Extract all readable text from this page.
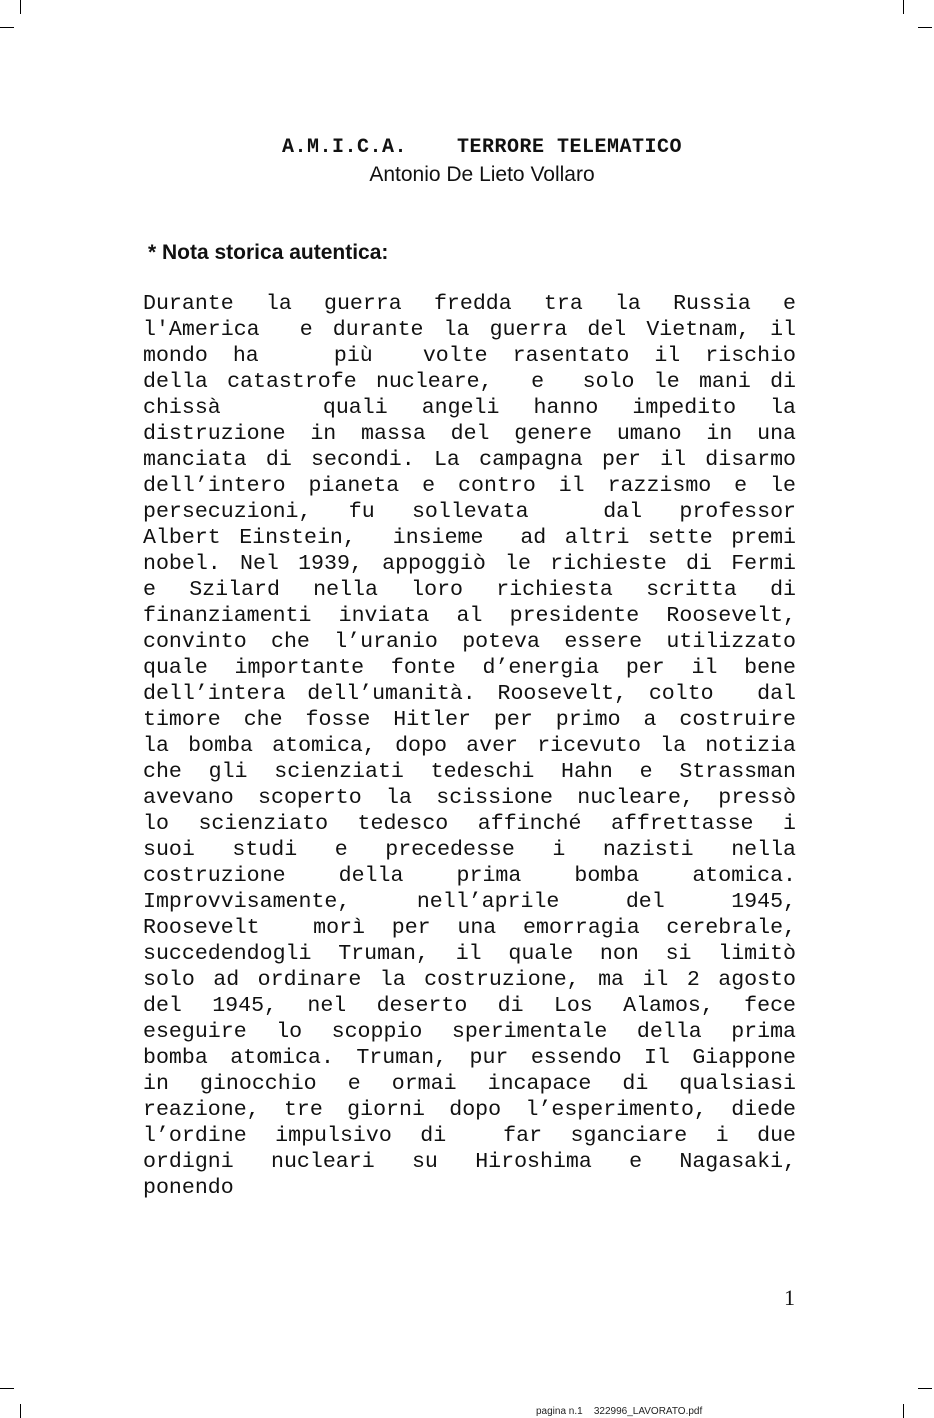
A.M.I.C.A.	TERRORE TELEMATICO
Antonio De Lieto Vollaro
* Nota storica autentica:
Durante la guerra fredda tra la Russia e
l'America  e durante la guerra del Vietnam, il
mondo ha   più  volte rasentato il rischio
della catastrofe nucleare,  e  solo le mani di
chissà   quali angeli hanno impedito la
distruzione in massa del genere umano in una
manciata di secondi. La campagna per il disarmo
dell’intero pianeta e contro il razzismo e le
persecuzioni, fu sollevata  dal professor
Albert Einstein,  insieme  ad altri sette premi
nobel. Nel 1939, appoggiò le richieste di Fermi
e Szilard nella loro richiesta scritta di
finanziamenti inviata al presidente Roosevelt,
convinto che l’uranio poteva essere utilizzato
quale importante fonte d’energia per il bene
dell’intera dell’umanità. Roosevelt, colto  dal
timore che fosse Hitler per primo a costruire
la bomba atomica, dopo aver ricevuto la notizia
che gli scienziati tedeschi Hahn e Strassman
avevano scoperto la scissione nucleare, pressò
lo scienziato tedesco affinché affrettasse i
suoi studi e precedesse i nazisti nella
costruzione della prima bomba atomica.
Improvvisamente, nell’aprile del 1945,
Roosevelt  morì per una emorragia cerebrale,
succedendogli Truman, il quale non si limitò
solo ad ordinare la costruzione, ma il 2 agosto
del 1945, nel deserto di Los Alamos, fece
eseguire lo scoppio sperimentale della prima
bomba atomica. Truman, pur essendo Il Giappone
in ginocchio e ormai incapace di qualsiasi
reazione, tre giorni dopo l’esperimento, diede
l’ordine impulsivo di  far sganciare i due
ordigni nucleari su Hiroshima e Nagasaki,
ponendo
1
pagina n.1 322996_LAVORATO.pdf
